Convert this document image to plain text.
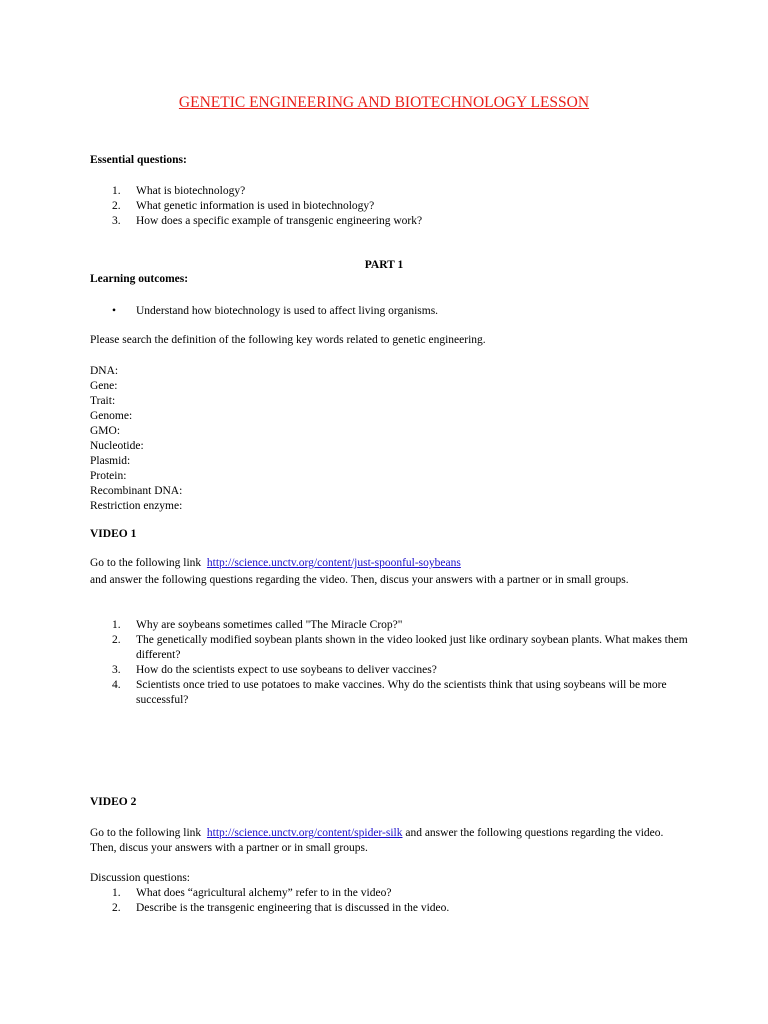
GENETIC ENGINEERING AND BIOTECHNOLOGY LESSON
Essential questions:
1.	What is biotechnology?
2.	What genetic information is used in biotechnology?
3.	How does a specific example of transgenic engineering work?
PART 1
Learning outcomes:
• Understand how biotechnology is used to affect living organisms.
Please search the definition of the following key words related to genetic engineering.
DNA:
Gene:
Trait:
Genome:
GMO:
Nucleotide:
Plasmid:
Protein:
Recombinant DNA:
Restriction enzyme:
VIDEO 1
Go to the following link http://science.unctv.org/content/just-spoonful-soybeans
and answer the following questions regarding the video. Then, discus your answers with a partner or in small groups.
1.	Why are soybeans sometimes called "The Miracle Crop?"
2.	The genetically modified soybean plants shown in the video looked just like ordinary soybean plants. What makes them different?
3.	How do the scientists expect to use soybeans to deliver vaccines?
4.	Scientists once tried to use potatoes to make vaccines. Why do the scientists think that using soybeans will be more successful?
VIDEO 2
Go to the following link http://science.unctv.org/content/spider-silk and answer the following questions regarding the video. Then, discus your answers with a partner or in small groups.
Discussion questions:
1.	What does “agricultural alchemy” refer to in the video?
2.	Describe is the transgenic engineering that is discussed in the video.
